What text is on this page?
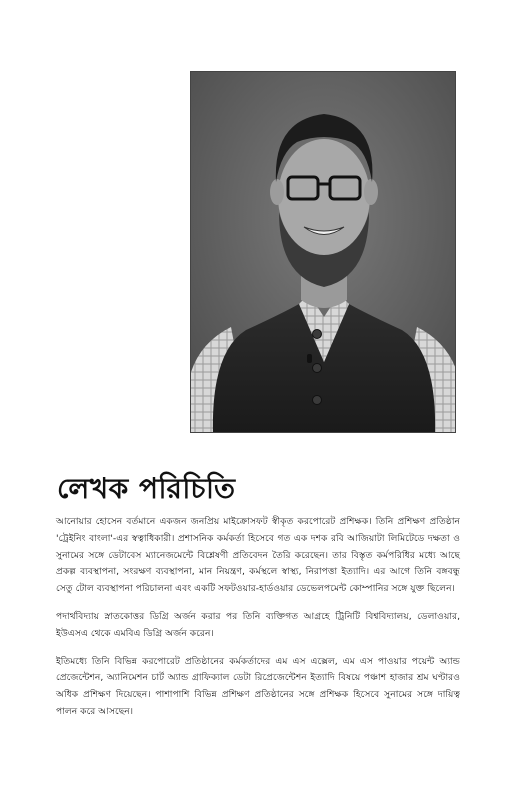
লেখক পরিচিতি

আনোয়ার হোসেন বর্তমানে একজন জনপ্রিয় মাইক্রোসফট স্বীকৃত করপোরেট প্রশিক্ষক। তিনি প্রশিক্ষণ প্রতিষ্ঠান 'ট্রেইনিং বাংলা'-এর স্বত্বাধিকারী। প্রশাসনিক কর্মকর্তা হিসেবে গত এক দশক রবি আজিয়াটা লিমিটেডে দক্ষতা ও সুনামের সঙ্গে ডেটাবেস ম্যানেজমেন্টে বিশ্লেষণী প্রতিবেদন তৈরি করেছেন। তার বিস্তৃত কর্মপরিধির মধ্যে আছে প্রকল্প ব্যবস্থাপনা, সংরক্ষণ ব্যবস্থাপনা, মান নিয়ন্ত্রণ, কর্মস্থলে স্বাস্থ্য, নিরাপত্তা ইত্যাদি। এর আগে তিনি বঙ্গবন্ধু সেতু টোল ব্যবস্থাপনা পরিচালনা এবং একটি সফটওয়ার-হার্ডওয়ার ডেভেলপমেন্ট কোম্পানির সঙ্গে যুক্ত ছিলেন।

পদার্থবিদ্যায় স্নাতকোত্তর ডিগ্রি অর্জন করার পর তিনি ব্যক্তিগত আগ্রহে ট্রিনিটি বিশ্ববিদ্যালয়, ডেলাওয়ার, ইউএসএ থেকে এমবিএ ডিগ্রি অর্জন করেন।

ইতিমধ্যে তিনি বিভিন্ন করপোরেট প্রতিষ্ঠানের কর্মকর্তাদের এম এস এক্সেল, এম এস পাওয়ার পয়েন্ট অ্যান্ড প্রেজেন্টেশন, অ্যানিমেশন চার্ট অ্যান্ড গ্রাফিক্যাল ডেটা রিপ্রেজেন্টেশন ইত্যাদি বিষয়ে পঞ্চাশ হাজার শ্রম ঘণ্টারও অধিক প্রশিক্ষণ দিয়েছেন। পাশাপাশি বিভিন্ন প্রশিক্ষণ প্রতিষ্ঠানের সঙ্গে প্রশিক্ষক হিসেবে সুনামের সঙ্গে দায়িত্ব পালন করে আসছেন।
